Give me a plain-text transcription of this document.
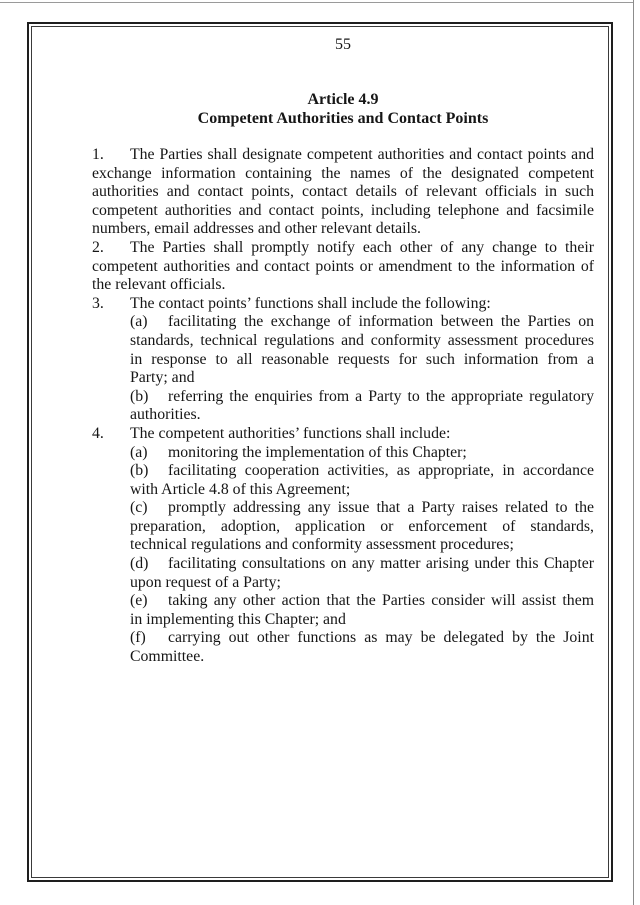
55
Article 4.9
Competent Authorities and Contact Points
1. The Parties shall designate competent authorities and contact points and
exchange information containing the names of the designated competent
authorities and contact points, contact details of relevant officials in such
competent authorities and contact points, including telephone and facsimile
numbers, email addresses and other relevant details.
2. The Parties shall promptly notify each other of any change to their
competent authorities and contact points or amendment to the information of
the relevant officials.
3. The contact points’ functions shall include the following:
(a) facilitating the exchange of information between the Parties on
standards, technical regulations and conformity assessment procedures
in response to all reasonable requests for such information from a
Party; and
(b) referring the enquiries from a Party to the appropriate regulatory
authorities.
4. The competent authorities’ functions shall include:
(a) monitoring the implementation of this Chapter;
(b) facilitating cooperation activities, as appropriate, in accordance
with Article 4.8 of this Agreement;
(c) promptly addressing any issue that a Party raises related to the
preparation, adoption, application or enforcement of standards,
technical regulations and conformity assessment procedures;
(d) facilitating consultations on any matter arising under this Chapter
upon request of a Party;
(e) taking any other action that the Parties consider will assist them
in implementing this Chapter; and
(f) carrying out other functions as may be delegated by the Joint
Committee.
